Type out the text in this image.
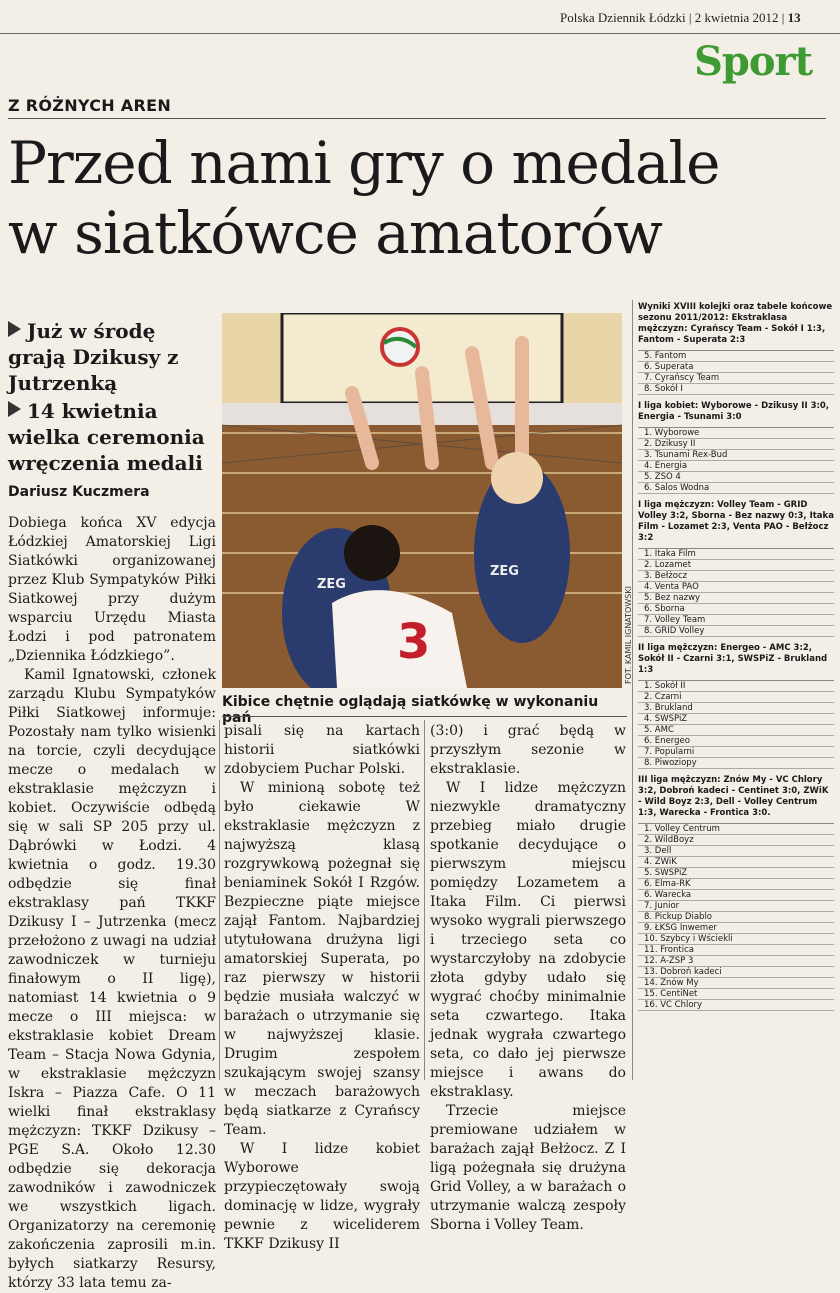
Polska Dziennik Łódzki | 2 kwietnia 2012 | 13
Sport
Z RÓŻNYCH AREN
Przed nami gry o medale
w siatkówce amatorów
Już w środę grają Dzikusy z Jutrzenką
14 kwietnia wielka ceremonia wręczenia medali
Dariusz Kuczmera

Dobiega końca XV edycja Łódzkiej Amatorskiej Ligi Siatkówki organizowanej przez Klub Sympatyków Piłki Siatkowej przy dużym wsparciu Urzędu Miasta Łodzi i pod patronatem „Dziennika Łódzkiego”.

Kamil Ignatowski, członek zarządu Klubu Sympatyków Piłki Siatkowej informuje: Pozostały nam tylko wisienki na torcie, czyli decydujące mecze o medalach w ekstraklasie mężczyzn i kobiet. Oczywiście odbędą się w sali SP 205 przy ul. Dąbrówki w Łodzi. 4 kwietnia o godz. 19.30 odbędzie się finał ekstraklasy pań TKKF Dzikusy I – Jutrzenka (mecz przełożono z uwagi na udział zawodniczek w turnieju finałowym o II ligę), natomiast 14 kwietnia o 9 mecze o III miejsca: w ekstraklasie kobiet Dream Team – Stacja Nowa Gdynia, w ekstraklasie mężczyzn Iskra – Piazza Cafe. O 11 wielki finał ekstraklasy mężczyzn: TKKF Dzikusy – PGE S.A. Około 12.30 odbędzie się dekoracja zawodników i zawodniczek we wszystkich ligach. Organizatorzy na ceremonię zakończenia zaprosili m.in. byłych siatkarzy Resursy, którzy 33 lata temu za-

3
ZEG
ZEG
FOT. KAMIL IGNATOWSKI
Kibice chętnie oglądają siatkówkę w wykonaniu pań

pisali się na kartach historii siatkówki zdobyciem Puchar Polski.

W minioną sobotę też było ciekawie W ekstraklasie mężczyzn z najwyższą klasą rozgrywkową pożegnał się beniaminek Sokół I Rzgów. Bezpieczne piąte miejsce zajął Fantom. Najbardziej utytułowana drużyna ligi amatorskiej Superata, po raz pierwszy w historii będzie musiała walczyć w barażach o utrzymanie się w najwyższej klasie. Drugim zespołem szukającym swojej szansy w meczach barażowych będą siatkarze z Cyrańscy Team.

W I lidze kobiet Wyborowe przypieczętowały swoją dominację w lidze, wygrały pewnie z wiceliderem TKKF Dzikusy II

(3:0) i grać będą w przyszłym sezonie w ekstraklasie.

W I lidze mężczyzn niezwykle dramatyczny przebieg miało drugie spotkanie decydujące o pierwszym miejscu pomiędzy Lozametem a Itaka Film. Ci pierwsi wysoko wygrali pierwszego i trzeciego seta co wystarczyłoby na zdobycie złota gdyby udało się wygrać choćby minimalnie seta czwartego. Itaka jednak wygrała czwartego seta, co dało jej pierwsze miejsce i awans do ekstraklasy.

Trzecie miejsce premiowane udziałem w barażach zajął Bełżocz. Z I ligą pożegnała się drużyna Grid Volley, a w barażach o utrzymanie walczą zespoły Sborna i Volley Team.

Wyniki XVIII kolejki oraz tabele końcowe sezonu 2011/2012: Ekstraklasa mężczyzn: Cyrańscy Team - Sokół I 1:3, Fantom - Superata 2:3
5. Fantom
6. Superata
7. Cyrańscy Team
8. Sokół I
I liga kobiet: Wyborowe - Dzikusy II 3:0, Energia - Tsunami 3:0
1. Wyborowe
2. Dzikusy II
3. Tsunami Rex-Bud
4. Energia
5. ZSO 4
6. Salos Wodna
I liga mężczyzn: Volley Team - GRID Volley 3:2, Sborna - Bez nazwy 0:3, Itaka Film - Lozamet 2:3, Venta PAO - Bełżocz 3:2
1. Itaka Film
2. Lozamet
3. Bełżocz
4. Venta PAO
5. Bez nazwy
6. Sborna
7. Volley Team
8. GRID Volley
II liga mężczyzn: Energeo - AMC 3:2, Sokół II - Czarni 3:1, SWSPiZ - Brukland 1:3
1. Sokół II
2. Czarni
3. Brukland
4. SWSPiZ
5. AMC
6. Energeo
7. Popularni
8. Piwoziopy
III liga mężczyzn: Znów My - VC Chlory 3:2, Dobroń kadeci - Centinet 3:0, ZWiK - Wild Boyz 2:3, Dell - Volley Centrum 1:3, Warecka - Frontica 3:0.
1. Volley Centrum
2. WildBoyz
3. Dell
4. ZWiK
5. SWSPiZ
6. Elma-RK
6. Warecka
7. Junior
8. Pickup Diablo
9. ŁKSG Inwemer
10. Szybcy i Wściekli
11. Frontica
12. A-ZSP 3
13. Dobroń kadeci
14. Znów My
15. CentiNet
16. VC Chlory
